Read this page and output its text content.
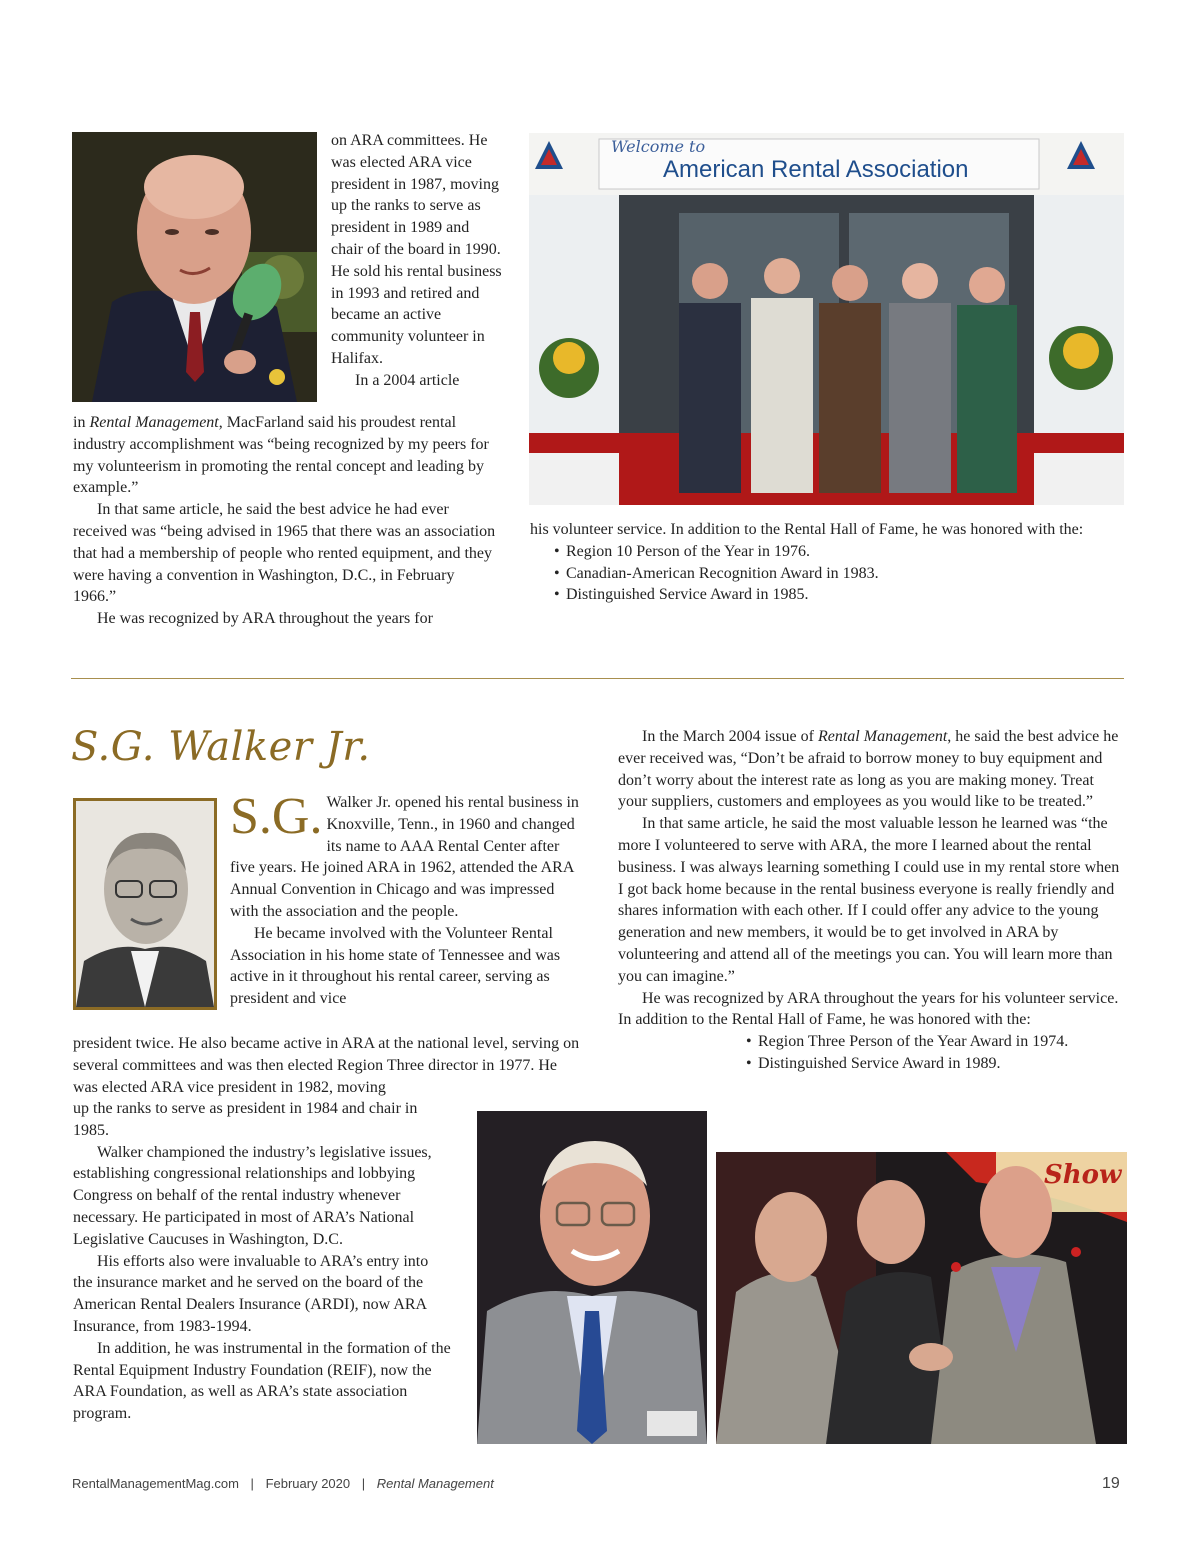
on ARA committees. He was elected ARA vice president in 1987, moving up the ranks to serve as president in 1989 and chair of the board in 1990. He sold his rental business in 1993 and retired and became an active community volunteer in Halifax.

In a 2004 article

in Rental Management, MacFarland said his proudest rental industry accomplishment was “being recognized by my peers for my volunteerism in promoting the rental concept and leading by example.”

In that same article, he said the best advice he had ever received was “being advised in 1965 that there was an association that had a membership of people who rented equipment, and they were having a convention in Washington, D.C., in February 1966.”

He was recognized by ARA throughout the years for

Welcome to
American Rental Association

his volunteer service. In addition to the Rental Hall of Fame, he was honored with the:

• Region 10 Person of the Year in 1976.
• Canadian-American Recognition Award in 1983.
• Distinguished Service Award in 1985.
S.G. Walker Jr.

S.G. Walker Jr. opened his rental business in Knoxville, Tenn., in 1960 and changed its name to AAA Rental Center after five years. He joined ARA in 1962, attended the ARA Annual Convention in Chicago and was impressed with the association and the people.

He became involved with the Volunteer Rental Association in his home state of Tennessee and was active in it throughout his rental career, serving as president and vice

president twice. He also became active in ARA at the national level, serving on several committees and was then elected Region Three director in 1977. He was elected ARA vice president in 1982, moving

up the ranks to serve as president in 1984 and chair in 1985.

Walker championed the industry’s legislative issues, establishing congressional relationships and lobbying Congress on behalf of the rental industry whenever necessary. He participated in most of ARA’s National Legislative Caucuses in Washington, D.C.

His efforts also were invaluable to ARA’s entry into the insurance market and he served on the board of the American Rental Dealers Insurance (ARDI), now ARA Insurance, from 1983-1994.

In addition, he was instrumental in the formation of the Rental Equipment Industry Foundation (REIF), now the ARA Foundation, as well as ARA’s state association program.

In the March 2004 issue of Rental Management, he said the best advice he ever received was, “Don’t be afraid to borrow money to buy equipment and don’t worry about the interest rate as long as you are making money. Treat your suppliers, customers and employees as you would like to be treated.”

In that same article, he said the most valuable lesson he learned was “the more I volunteered to serve with ARA, the more I learned about the rental business. I was always learning something I could use in my rental store when I got back home because in the rental business everyone is really friendly and shares information with each other. If I could offer any advice to the young generation and new members, it would be to get involved in ARA by volunteering and attend all of the meetings you can. You will learn more than you can imagine.”

He was recognized by ARA throughout the years for his volunteer service. In addition to the Rental Hall of Fame, he was honored with the:

• Region Three Person of the Year Award in 1974.
• Distinguished Service Award in 1989.
Show
RentalManagementMag.com | February 2020 | Rental Management	19
